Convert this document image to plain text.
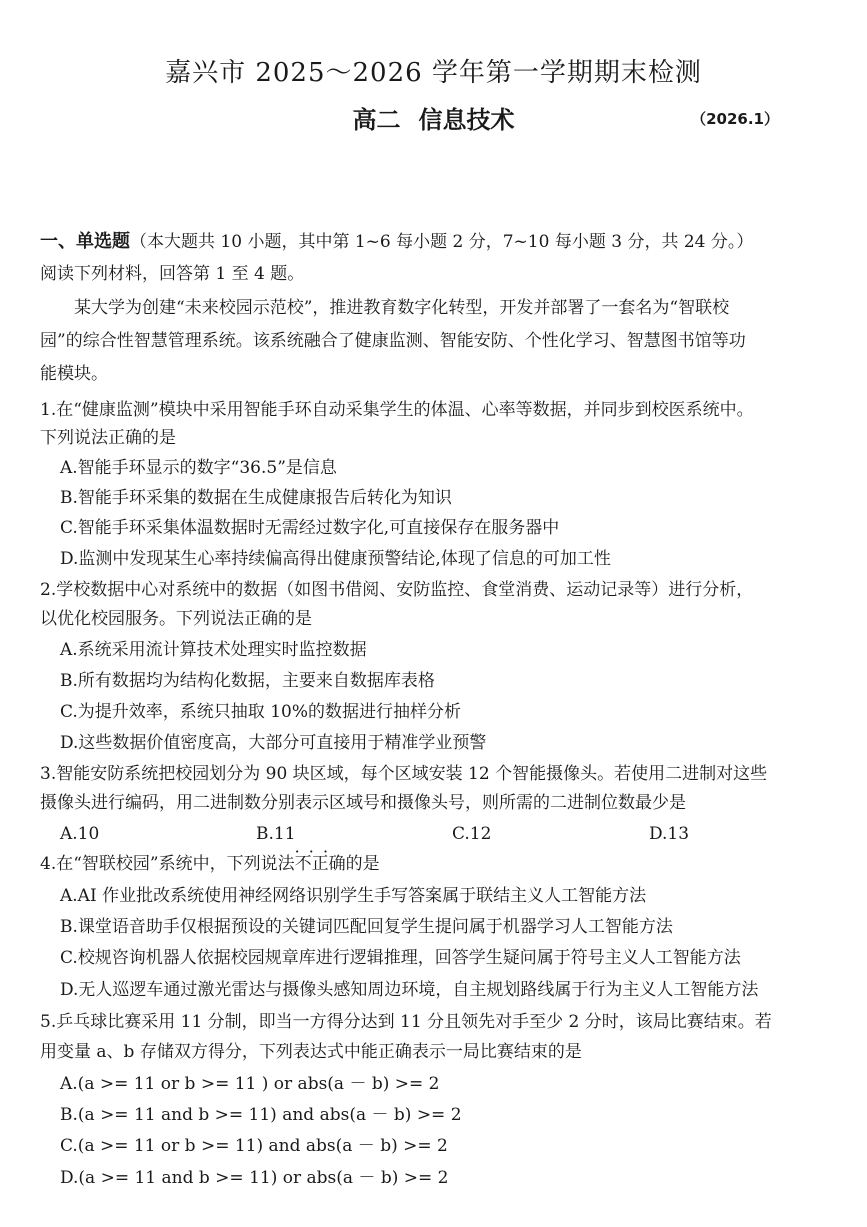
嘉兴市 2025～2026 学年第一学期期末检测
高二 信息技术	（2026.1）
一、单选题（本大题共 10 小题，其中第 1~6 每小题 2 分，7~10 每小题 3 分，共 24 分。）
阅读下列材料，回答第 1 至 4 题。
某大学为创建“未来校园示范校”，推进教育数字化转型，开发并部署了一套名为“智联校
园”的综合性智慧管理系统。该系统融合了健康监测、智能安防、个性化学习、智慧图书馆等功
能模块。
1.在“健康监测”模块中采用智能手环自动采集学生的体温、心率等数据，并同步到校医系统中。
下列说法正确的是
A.智能手环显示的数字“36.5”是信息
B.智能手环采集的数据在生成健康报告后转化为知识
C.智能手环采集体温数据时无需经过数字化,可直接保存在服务器中
D.监测中发现某生心率持续偏高得出健康预警结论,体现了信息的可加工性
2.学校数据中心对系统中的数据（如图书借阅、安防监控、食堂消费、运动记录等）进行分析，
以优化校园服务。下列说法正确的是
A.系统采用流计算技术处理实时监控数据
B.所有数据均为结构化数据，主要来自数据库表格
C.为提升效率，系统只抽取 10%的数据进行抽样分析
D.这些数据价值密度高，大部分可直接用于精准学业预警
3.智能安防系统把校园划分为 90 块区域，每个区域安装 12 个智能摄像头。若使用二进制对这些
摄像头进行编码，用二进制数分别表示区域号和摄像头号，则所需的二进制位数最少是
A.10	B.11	C.12	D.13
4.在“智联校园”系统中，下列说法不正确 · · ·的是
A.AI 作业批改系统使用神经网络识别学生手写答案属于联结主义人工智能方法
B.课堂语音助手仅根据预设的关键词匹配回复学生提问属于机器学习人工智能方法
C.校规咨询机器人依据校园规章库进行逻辑推理，回答学生疑问属于符号主义人工智能方法
D.无人巡逻车通过激光雷达与摄像头感知周边环境，自主规划路线属于行为主义人工智能方法
5.乒乓球比赛采用 11 分制，即当一方得分达到 11 分且领先对手至少 2 分时，该局比赛结束。若
用变量 a、b 存储双方得分，下列表达式中能正确表示一局比赛结束的是
A.(a >= 11 or b >= 11 ) or abs(a － b) >= 2
B.(a >= 11 and b >= 11) and abs(a － b) >= 2
C.(a >= 11 or b >= 11) and abs(a － b) >= 2
D.(a >= 11 and b >= 11) or abs(a － b) >= 2
